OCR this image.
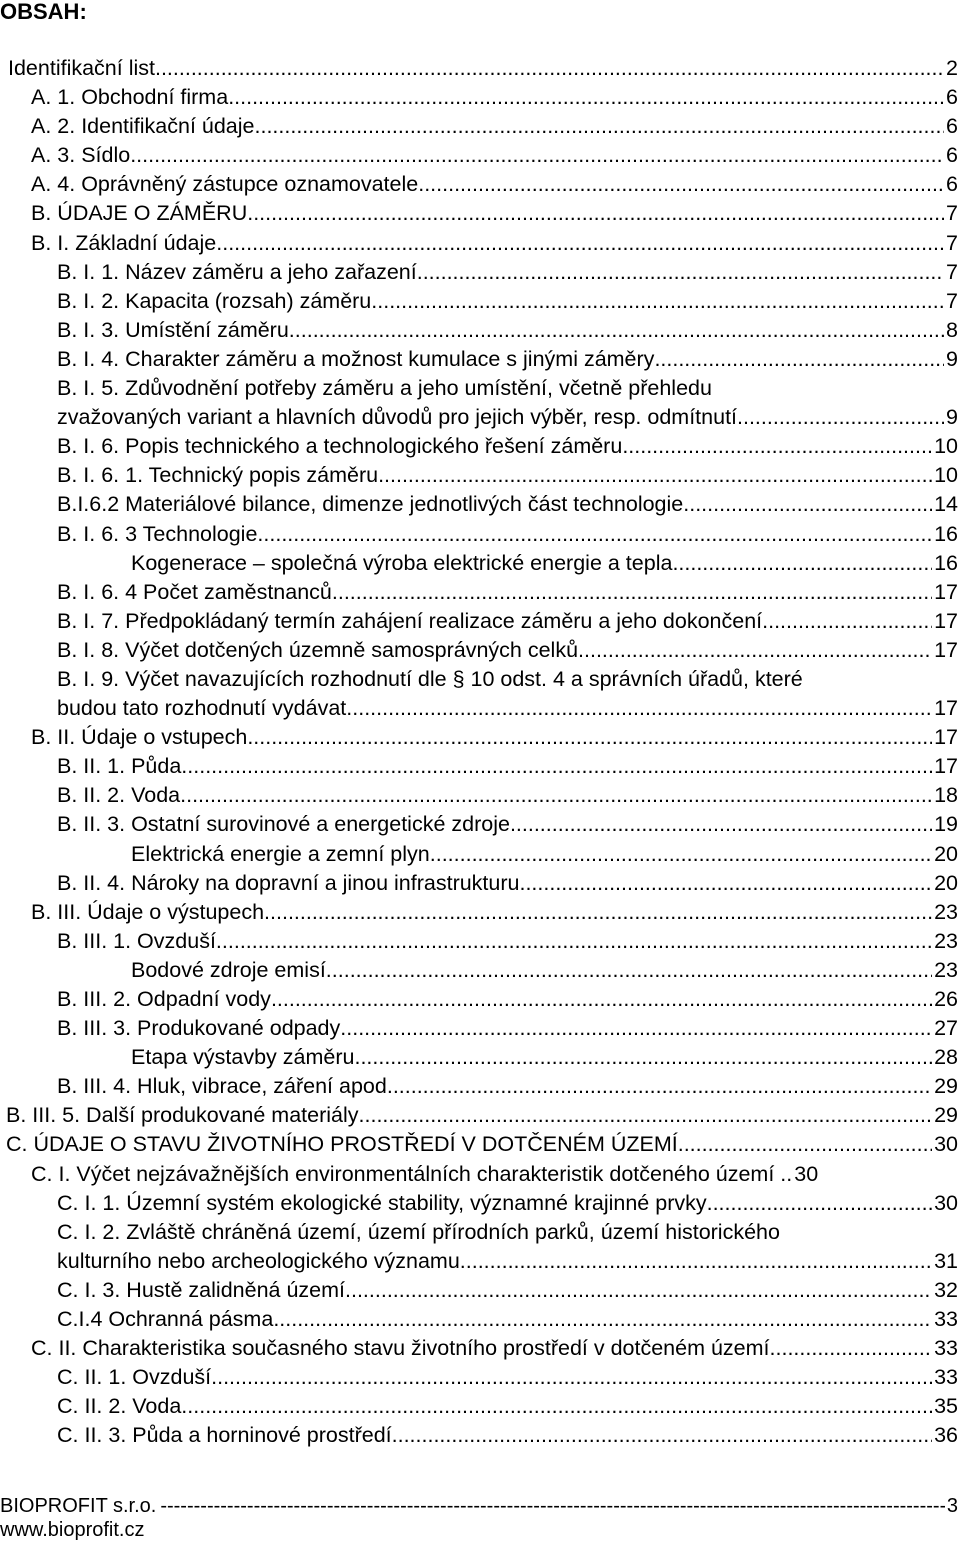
OBSAH:
Identifikační list .....	2
A. 1. Obchodní firma .....	6
A. 2. Identifikační údaje .....	6
A. 3. Sídlo .....	6
A. 4. Oprávněný zástupce oznamovatele .....	6
B. ÚDAJE O ZÁMĚRU .....	7
B. I. Základní údaje .....	7
B. I. 1. Název záměru a jeho zařazení .....	7
B. I. 2. Kapacita (rozsah) záměru .....	7
B. I. 3. Umístění záměru .....	8
B. I. 4. Charakter záměru a možnost kumulace s jinými záměry .....	9
B. I. 5. Zdůvodnění potřeby záměru a jeho umístění, včetně přehledu
zvažovaných variant a hlavních důvodů pro jejich výběr, resp. odmítnutí .....	9
B. I. 6. Popis technického a technologického řešení záměru .....	10
B. I. 6. 1. Technický popis záměru .....	10
B.I.6.2 Materiálové bilance, dimenze jednotlivých část technologie .....	14
B. I. 6. 3 Technologie .....	16
Kogenerace – společná výroba elektrické energie a tepla .....	16
B. I. 6. 4 Počet zaměstnanců .....	17
B. I. 7. Předpokládaný termín zahájení realizace záměru a jeho dokončení .....	17
B. I. 8. Výčet dotčených územně samosprávných celků .....	17
B. I. 9. Výčet navazujících rozhodnutí dle § 10 odst. 4 a správních úřadů, které
budou tato rozhodnutí vydávat. .....	17
B. II. Údaje o vstupech .....	17
B. II. 1. Půda .....	17
B. II. 2. Voda .....	18
B. II. 3. Ostatní surovinové a energetické zdroje .....	19
Elektrická energie a zemní plyn .....	20
B. II. 4. Nároky na dopravní a jinou infrastrukturu .....	20
B. III. Údaje o výstupech .....	23
B. III. 1. Ovzduší .....	23
Bodové zdroje emisí .....	23
B. III. 2. Odpadní vody .....	26
B. III. 3. Produkované odpady .....	27
Etapa výstavby záměru .....	28
B. III. 4. Hluk, vibrace, záření apod. .....	29
B. III. 5. Další produkované materiály .....	29
C. ÚDAJE O STAVU ŽIVOTNÍHO PROSTŘEDÍ V DOTČENÉM ÚZEMÍ .....	30
C. I. Výčet nejzávažnějších environmentálních charakteristik dotčeného území .. 30
C. I. 1. Územní systém ekologické stability, významné krajinné prvky .....	30
C. I. 2. Zvláště chráněná území, území přírodních parků, území historického
kulturního nebo archeologického významu .....	31
C. I. 3. Hustě zalidněná území .....	32
C.I.4 Ochranná pásma .....	33
C. II. Charakteristika současného stavu životního prostředí v dotčeném území .....	33
C. II. 1. Ovzduší .....	33
C. II. 2. Voda .....	35
C. II. 3. Půda a horninové prostředí .....	36
BIOPROFIT s.r.o. -----	3
www.bioprofit.cz
